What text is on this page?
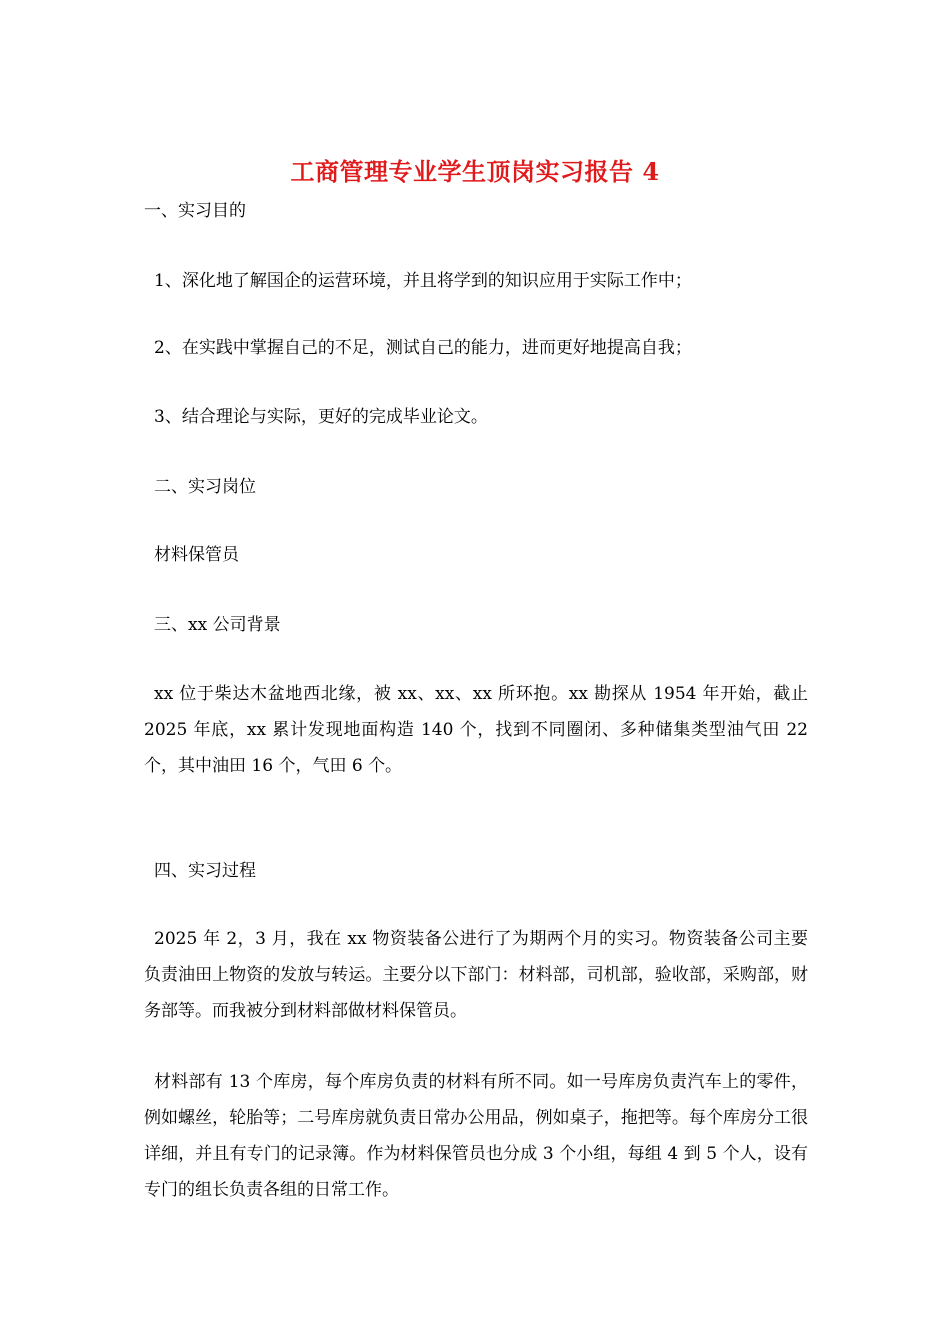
工商管理专业学生顶岗实习报告 4
一、实习目的
1、深化地了解国企的运营环境，并且将学到的知识应用于实际工作中；
2、在实践中掌握自己的不足，测试自己的能力，进而更好地提高自我；
3、结合理论与实际，更好的完成毕业论文。
二、实习岗位
材料保管员
三、xx 公司背景
xx 位于柴达木盆地西北缘，被 xx、xx、xx 所环抱。xx 勘探从 1954 年开始，截止 2025 年底，xx 累计发现地面构造 140 个，找到不同圈闭、多种储集类型油气田 22 个，其中油田 16 个，气田 6 个。
四、实习过程
2025 年 2，3 月，我在 xx 物资装备公进行了为期两个月的实习。物资装备公司主要负责油田上物资的发放与转运。主要分以下部门：材料部，司机部，验收部，采购部，财务部等。而我被分到材料部做材料保管员。
材料部有 13 个库房，每个库房负责的材料有所不同。如一号库房负责汽车上的零件，例如螺丝，轮胎等；二号库房就负责日常办公用品，例如桌子，拖把等。每个库房分工很详细，并且有专门的记录簿。作为材料保管员也分成 3 个小组，每组 4 到 5 个人，设有专门的组长负责各组的日常工作。
